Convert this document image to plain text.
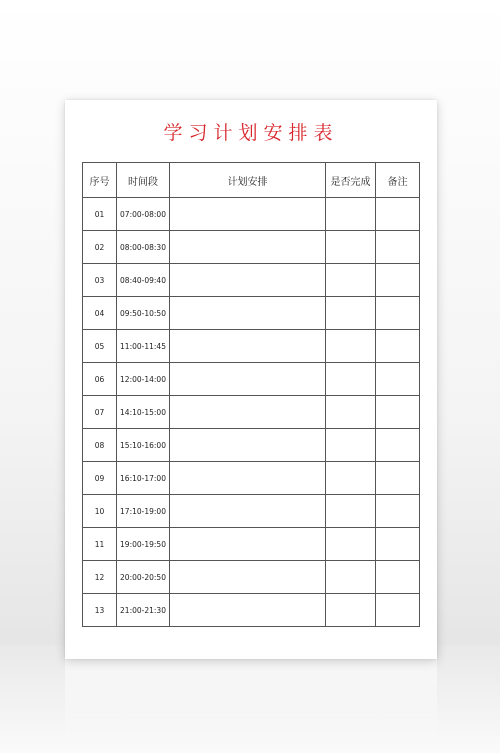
学习计划安排表
序号	时间段	计划安排	是否完成	备注
01	07:00-08:00			
02	08:00-08:30			
03	08:40-09:40			
04	09:50-10:50			
05	11:00-11:45			
06	12:00-14:00			
07	14:10-15:00			
08	15:10-16:00			
09	16:10-17:00			
10	17:10-19:00			
11	19:00-19:50			
12	20:00-20:50			
13	21:00-21:30			
